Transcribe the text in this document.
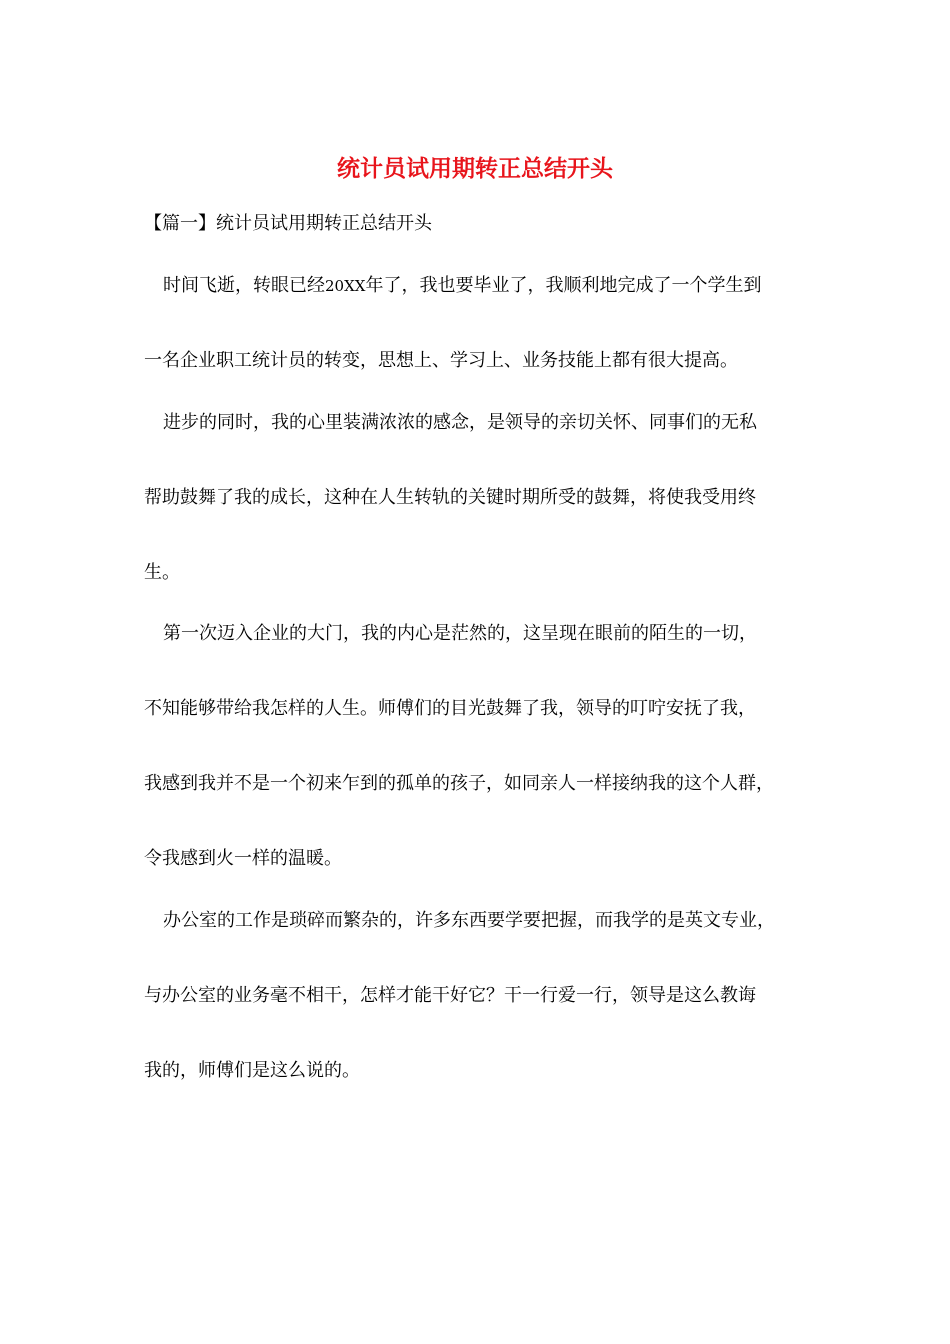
统计员试用期转正总结开头
【篇一】统计员试用期转正总结开头
时间飞逝，转眼已经20XX年了，我也要毕业了，我顺利地完成了一个学生到
一名企业职工统计员的转变，思想上、学习上、业务技能上都有很大提高。
进步的同时，我的心里装满浓浓的感念，是领导的亲切关怀、同事们的无私
帮助鼓舞了我的成长，这种在人生转轨的关键时期所受的鼓舞，将使我受用终
生。
第一次迈入企业的大门，我的内心是茫然的，这呈现在眼前的陌生的一切，
不知能够带给我怎样的人生。师傅们的目光鼓舞了我，领导的叮咛安抚了我，
我感到我并不是一个初来乍到的孤单的孩子，如同亲人一样接纳我的这个人群，
令我感到火一样的温暖。
办公室的工作是琐碎而繁杂的，许多东西要学要把握，而我学的是英文专业，
与办公室的业务毫不相干，怎样才能干好它？干一行爱一行，领导是这么教诲
我的，师傅们是这么说的。
